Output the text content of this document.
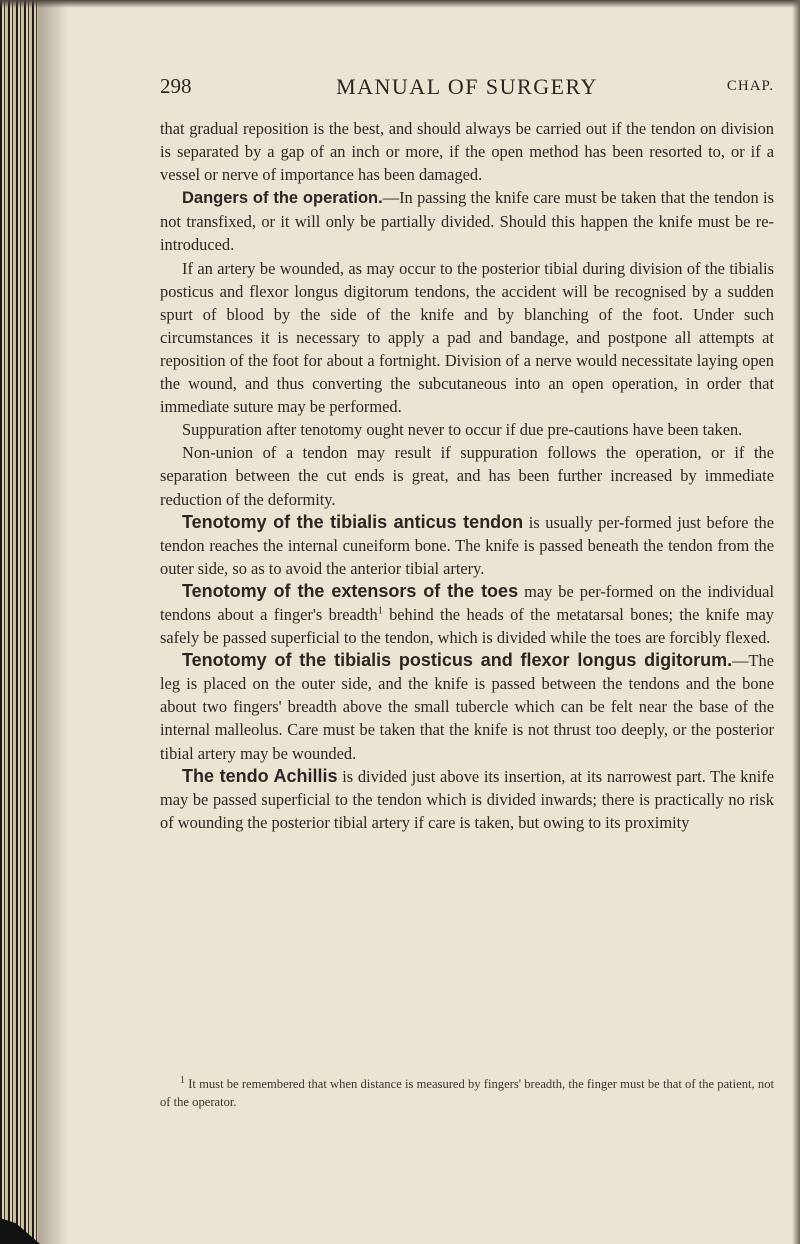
298	MANUAL OF SURGERY	CHAP.

that gradual reposition is the best, and should always be carried out if the tendon on division is separated by a gap of an inch or more, if the open method has been resorted to, or if a vessel or nerve of importance has been damaged.

Dangers of the operation.—In passing the knife care must be taken that the tendon is not transfixed, or it will only be partially divided. Should this happen the knife must be re-introduced.

If an artery be wounded, as may occur to the posterior tibial during division of the tibialis posticus and flexor longus digitorum tendons, the accident will be recognised by a sudden spurt of blood by the side of the knife and by blanching of the foot. Under such circumstances it is necessary to apply a pad and bandage, and postpone all attempts at reposition of the foot for about a fortnight. Division of a nerve would necessitate laying open the wound, and thus converting the subcutaneous into an open operation, in order that immediate suture may be performed.

Suppuration after tenotomy ought never to occur if due pre-cautions have been taken.

Non-union of a tendon may result if suppuration follows the operation, or if the separation between the cut ends is great, and has been further increased by immediate reduction of the deformity.

Tenotomy of the tibialis anticus tendon is usually per-formed just before the tendon reaches the internal cuneiform bone. The knife is passed beneath the tendon from the outer side, so as to avoid the anterior tibial artery.

Tenotomy of the extensors of the toes may be per-formed on the individual tendons about a finger's breadth$^1$ behind the heads of the metatarsal bones; the knife may safely be passed superficial to the tendon, which is divided while the toes are forcibly flexed.

Tenotomy of the tibialis posticus and flexor longus digitorum.—The leg is placed on the outer side, and the knife is passed between the tendons and the bone about two fingers' breadth above the small tubercle which can be felt near the base of the internal malleolus. Care must be taken that the knife is not thrust too deeply, or the posterior tibial artery may be wounded.

The tendo Achillis is divided just above its insertion, at its narrowest part. The knife may be passed superficial to the tendon which is divided inwards; there is practically no risk of wounding the posterior tibial artery if care is taken, but owing to its proximity

$^1$ It must be remembered that when distance is measured by fingers' breadth, the finger must be that of the patient, not of the operator.
